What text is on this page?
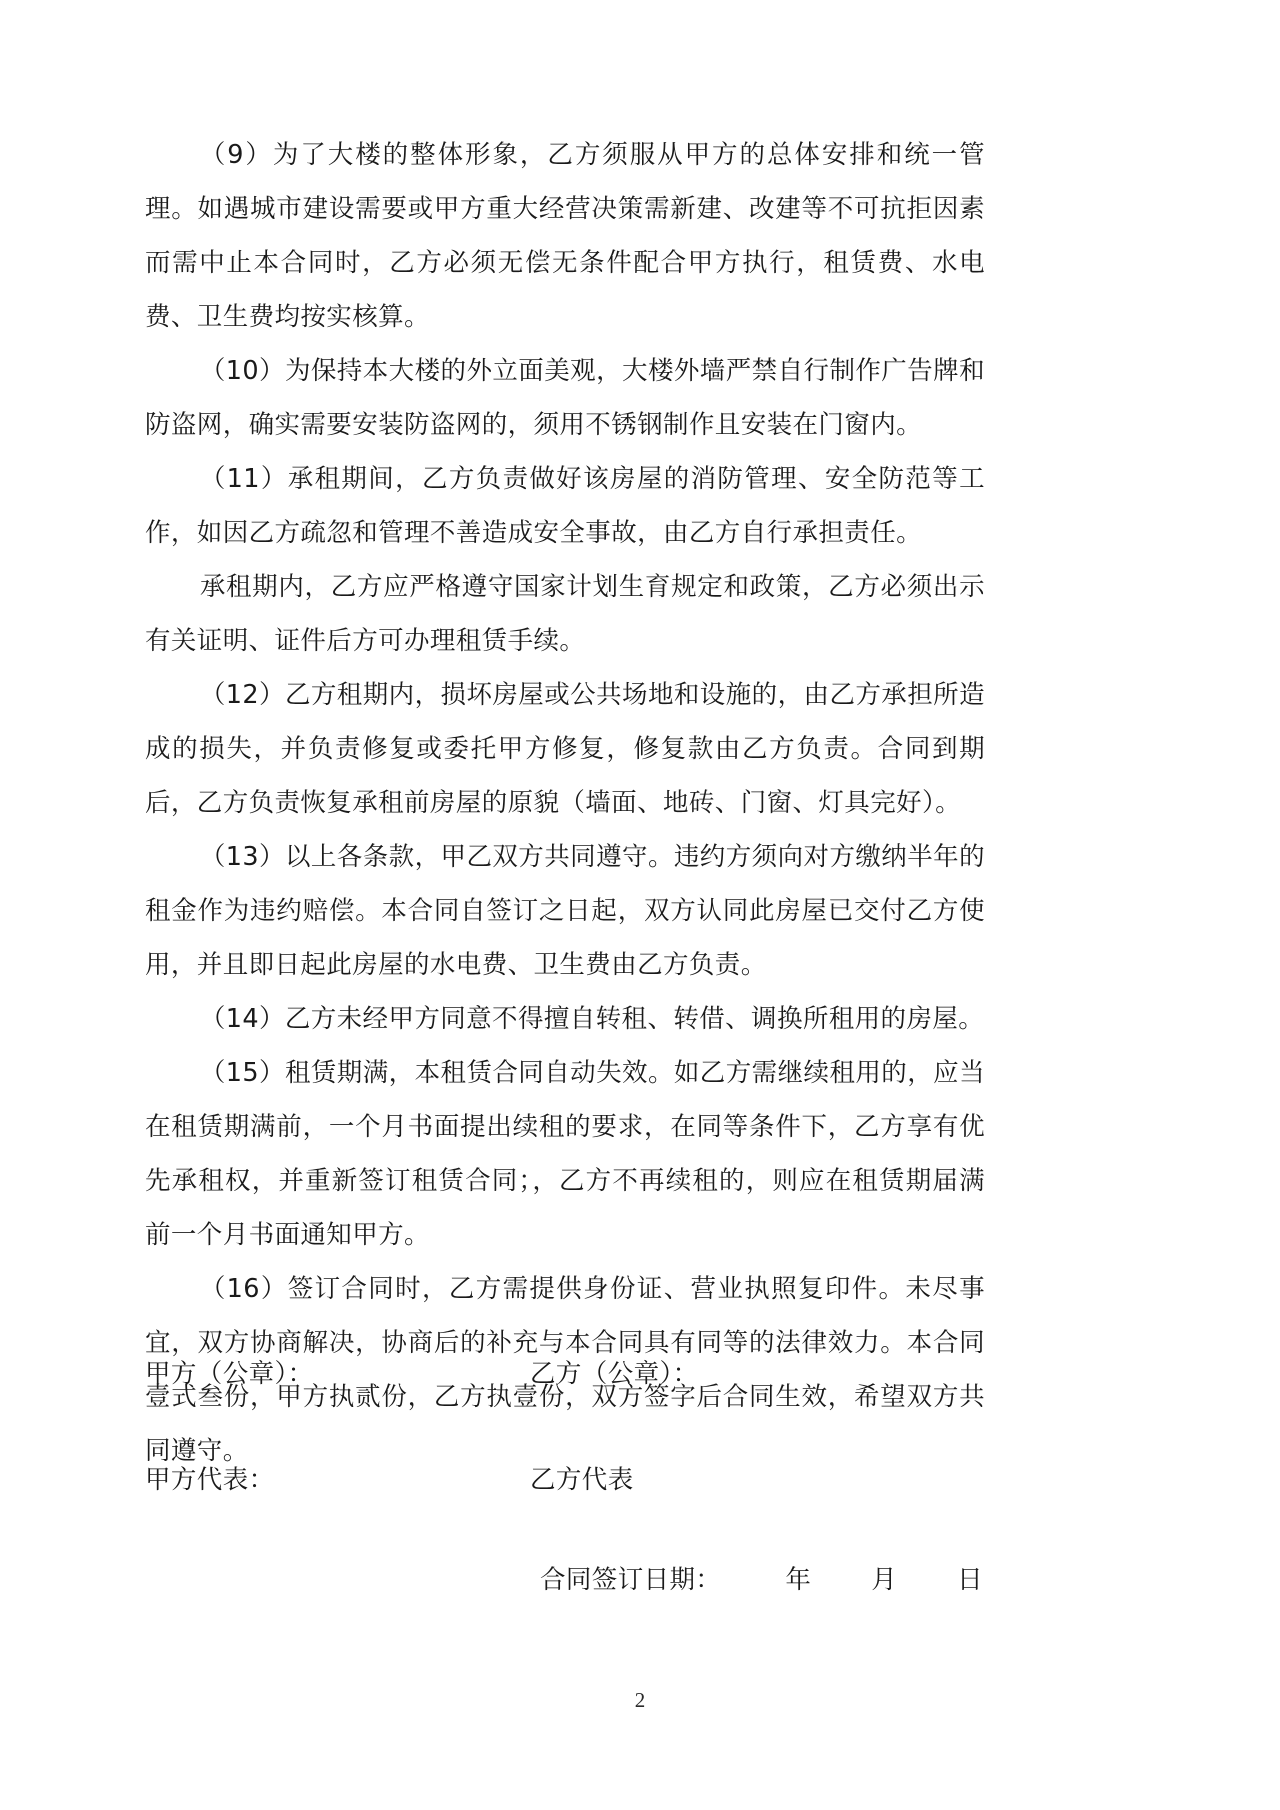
（9）为了大楼的整体形象，乙方须服从甲方的总体安排和统一管理。如遇城市建设需要或甲方重大经营决策需新建、改建等不可抗拒因素而需中止本合同时，乙方必须无偿无条件配合甲方执行，租赁费、水电费、卫生费均按实核算。

（10）为保持本大楼的外立面美观，大楼外墙严禁自行制作广告牌和防盗网，确实需要安装防盗网的，须用不锈钢制作且安装在门窗内。

（11）承租期间，乙方负责做好该房屋的消防管理、安全防范等工作，如因乙方疏忽和管理不善造成安全事故，由乙方自行承担责任。

承租期内，乙方应严格遵守国家计划生育规定和政策，乙方必须出示有关证明、证件后方可办理租赁手续。

（12）乙方租期内，损坏房屋或公共场地和设施的，由乙方承担所造成的损失，并负责修复或委托甲方修复，修复款由乙方负责。合同到期后，乙方负责恢复承租前房屋的原貌（墙面、地砖、门窗、灯具完好）。

（13）以上各条款，甲乙双方共同遵守。违约方须向对方缴纳半年的租金作为违约赔偿。本合同自签订之日起，双方认同此房屋已交付乙方使用，并且即日起此房屋的水电费、卫生费由乙方负责。

（14）乙方未经甲方同意不得擅自转租、转借、调换所租用的房屋。

（15）租赁期满，本租赁合同自动失效。如乙方需继续租用的，应当在租赁期满前，一个月书面提出续租的要求，在同等条件下，乙方享有优先承租权，并重新签订租赁合同；，乙方不再续租的，则应在租赁期届满前一个月书面通知甲方。

（16）签订合同时，乙方需提供身份证、营业执照复印件。未尽事宜，双方协商解决，协商后的补充与本合同具有同等的法律效力。本合同壹式叁份，甲方执贰份，乙方执壹份，双方签字后合同生效，希望双方共同遵守。

甲方（公章）：	乙方（公章）：
甲方代表：	乙方代表
合同签订日期：	年 月 日
2
